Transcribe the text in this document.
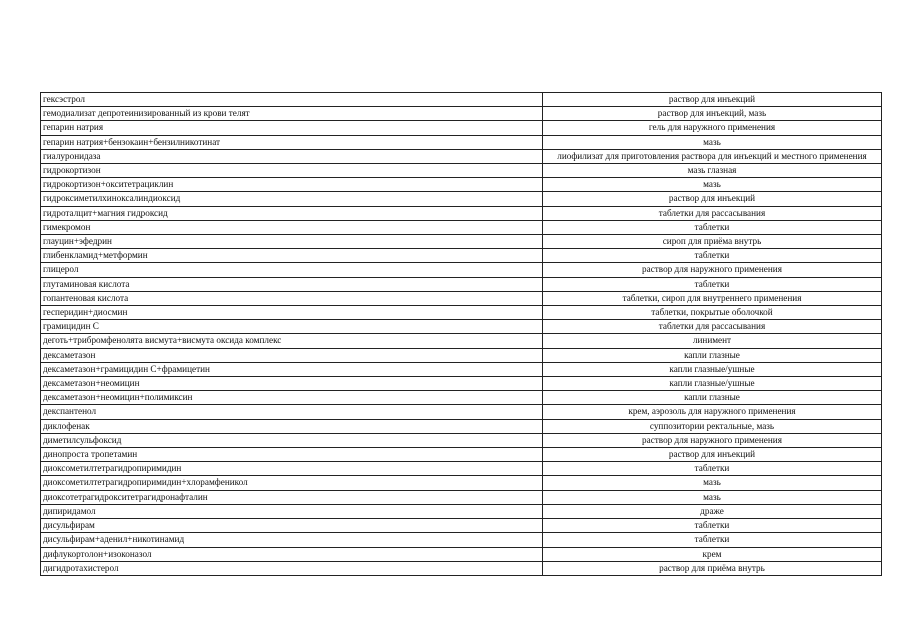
гексэстрол	раствор для инъекций
гемодиализат депротеинизированный из крови телят	раствор для инъекций, мазь
гепарин натрия	гель для наружного применения
гепарин натрия+бензокаин+бензилникотинат	мазь
гиалуронидаза	лиофилизат для приготовления раствора для инъекций и местного применения
гидрокортизон	мазь глазная
гидрокортизон+окситетрациклин	мазь
гидроксиметилхиноксалиндиоксид	раствор для инъекций
гидроталцит+магния гидроксид	таблетки для рассасывания
гимекромон	таблетки
глауцин+эфедрин	сироп для приёма внутрь
глибенкламид+метформин	таблетки
глицерол	раствор для наружного применения
глутаминовая кислота	таблетки
гопантеновая кислота	таблетки, сироп для внутреннего применения
гесперидин+диосмин	таблетки, покрытые оболочкой
грамицидин С	таблетки для рассасывания
деготь+трибромфенолята висмута+висмута оксида комплекс	линимент
дексаметазон	капли глазные
дексаметазон+грамицидин С+фрамицетин	капли глазные/ушные
дексаметазон+неомицин	капли глазные/ушные
дексаметазон+неомицин+полимиксин	капли глазные
декспантенол	крем, аэрозоль для наружного применения
диклофенак	суппозитории ректальные, мазь
диметилсульфоксид	раствор для наружного применения
динопроста тропетамин	раствор для инъекций
диоксометилтетрагидропиримидин	таблетки
диоксометилтетрагидропиримидин+хлорамфеникол	мазь
диоксотетрагидрокситетрагидронафталин	мазь
дипиридамол	драже
дисульфирам	таблетки
дисульфирам+аденил+никотинамид	таблетки
дифлукортолон+изоконазол	крем
дигидротахистерол	раствор для приёма внутрь
